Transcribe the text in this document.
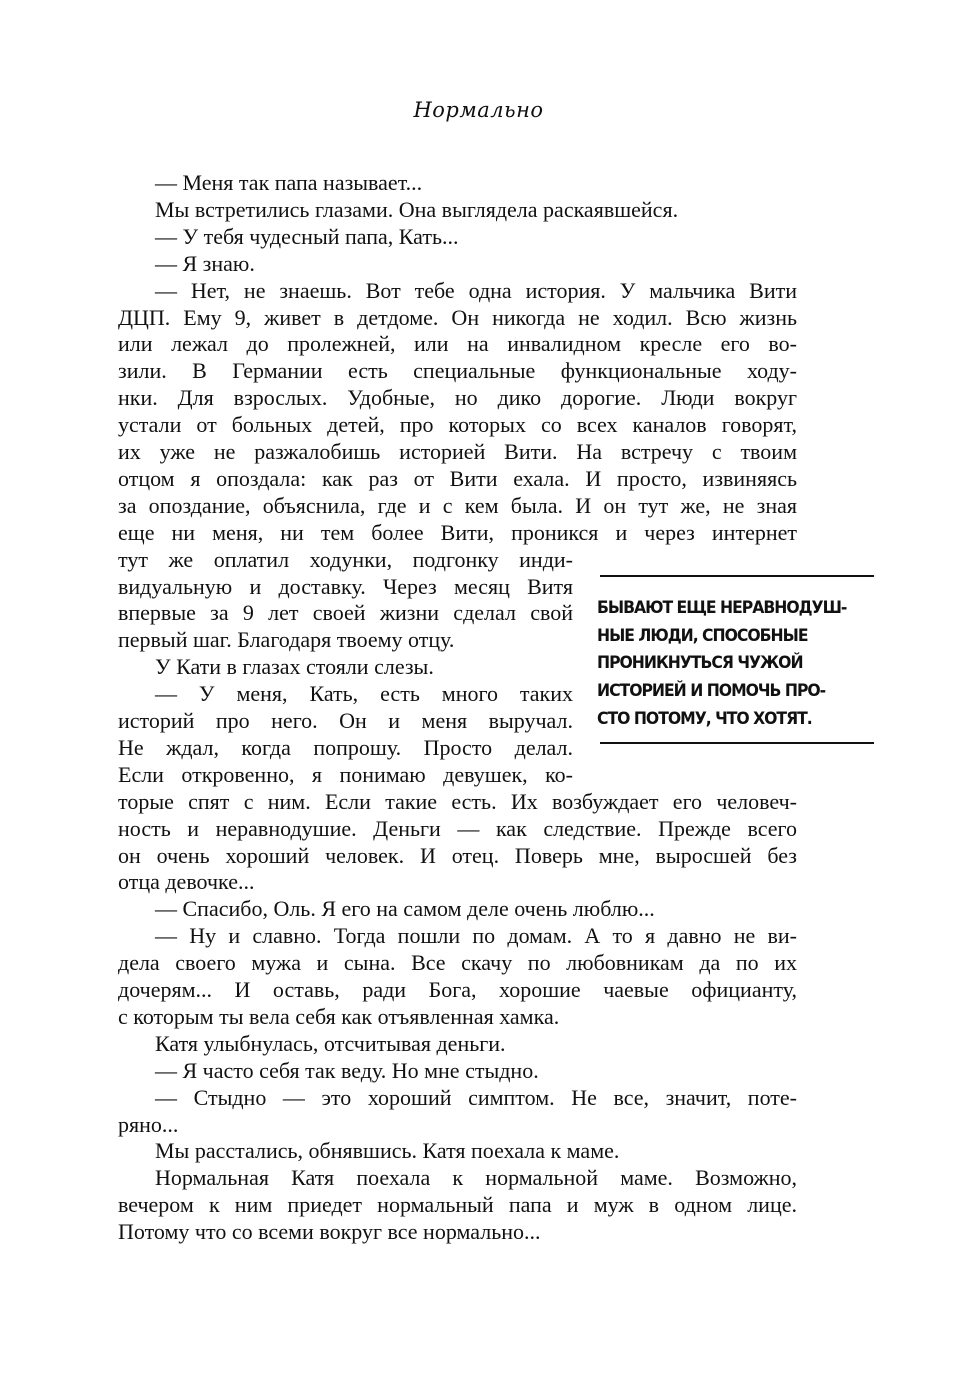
Нормально
— Меня так папа называет...
Мы встретились глазами. Она выглядела раскаявшейся.
— У тебя чудесный папа, Кать...
— Я знаю.
— Нет, не знаешь. Вот тебе одна история. У мальчика Вити
ДЦП. Ему 9, живет в детдоме. Он никогда не ходил. Всю жизнь
или лежал до пролежней, или на инвалидном кресле его во-
зили. В Германии есть специальные функциональные ходу-
нки. Для взрослых. Удобные, но дико дорогие. Люди вокруг
устали от больных детей, про которых со всех каналов говорят,
их уже не разжалобишь историей Вити. На встречу с твоим
отцом я опоздала: как раз от Вити ехала. И просто, извиняясь
за опоздание, объяснила, где и с кем была. И он тут же, не зная
еще ни меня, ни тем более Вити, проникся и через интернет
тут же оплатил ходунки, подгонку инди-
видуальную и доставку. Через месяц Витя
впервые за 9 лет своей жизни сделал свой
первый шаг. Благодаря твоему отцу.
У Кати в глазах стояли слезы.
— У меня, Кать, есть много таких
историй про него. Он и меня выручал.
Не ждал, когда попрошу. Просто делал.
Если откровенно, я понимаю девушек, ко-
торые спят с ним. Если такие есть. Их возбуждает его человеч-
ность и неравнодушие. Деньги — как следствие. Прежде всего
он очень хороший человек. И отец. Поверь мне, выросшей без
отца девочке...
— Спасибо, Оль. Я его на самом деле очень люблю...
— Ну и славно. Тогда пошли по домам. А то я давно не ви-
дела своего мужа и сына. Все скачу по любовникам да по их
дочерям... И оставь, ради Бога, хорошие чаевые официанту,
с которым ты вела себя как отъявленная хамка.
Катя улыбнулась, отсчитывая деньги.
— Я часто себя так веду. Но мне стыдно.
— Стыдно — это хороший симптом. Не все, значит, поте-
ряно...
Мы расстались, обнявшись. Катя поехала к маме.
Нормальная Катя поехала к нормальной маме. Возможно,
вечером к ним приедет нормальный папа и муж в одном лице.
Потому что со всеми вокруг все нормально...
БЫВАЮТ ЕЩЕ НЕРАВНОДУШ-
НЫЕ ЛЮДИ, СПОСОБНЫЕ
ПРОНИКНУТЬСЯ ЧУЖОЙ
ИСТОРИЕЙ И ПОМОЧЬ ПРО-
СТО ПОТОМУ, ЧТО ХОТЯТ.
